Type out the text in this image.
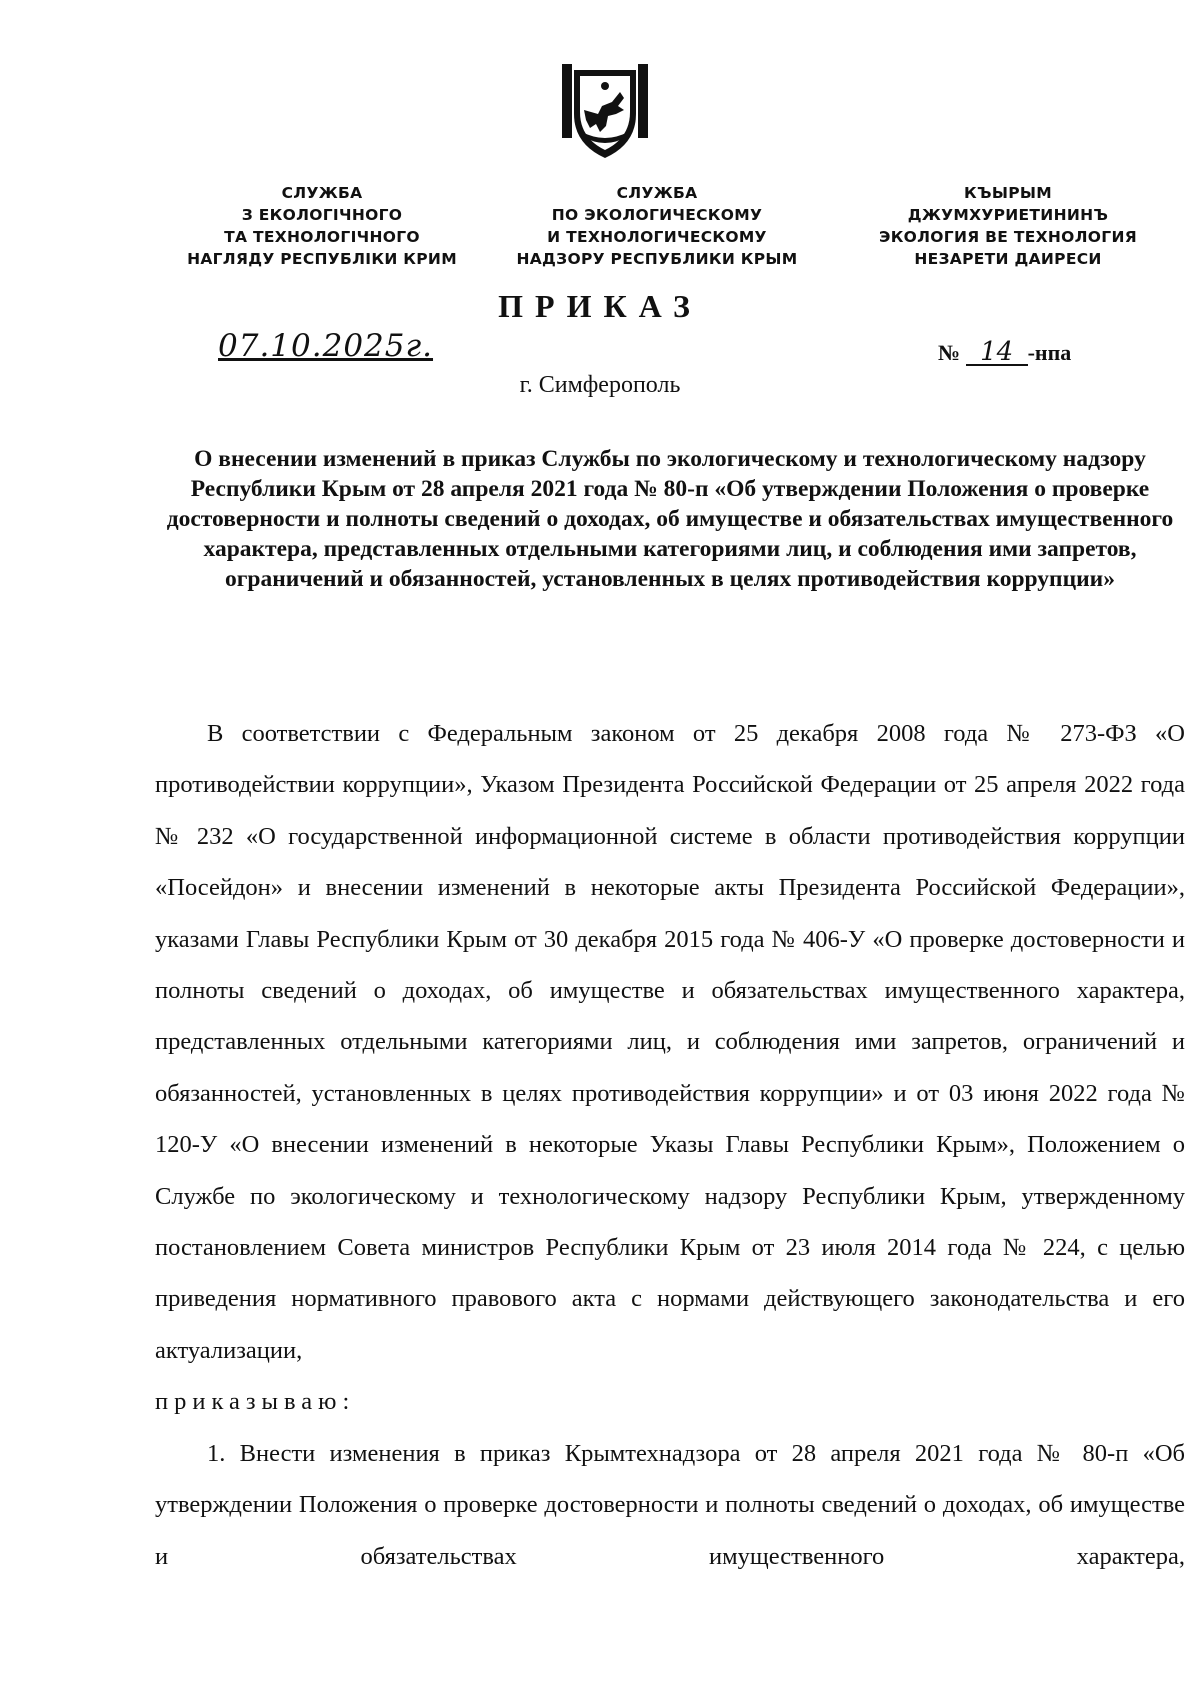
СЛУЖБА
З ЕКОЛОГІЧНОГО
ТА ТЕХНОЛОГІЧНОГО
НАГЛЯДУ РЕСПУБЛІКИ КРИМ
СЛУЖБА
ПО ЭКОЛОГИЧЕСКОМУ
И ТЕХНОЛОГИЧЕСКОМУ
НАДЗОРУ РЕСПУБЛИКИ КРЫМ
КЪЫРЫМ
ДЖУМХУРИЕТИНИНЪ
ЭКОЛОГИЯ ВЕ ТЕХНОЛОГИЯ
НЕЗАРЕТИ ДАИРЕСИ
ПРИКАЗ
07.10.2025г.	№ 14 -нпа
г. Симферополь
О внесении изменений в приказ Службы по экологическому и технологическому надзору Республики Крым от 28 апреля 2021 года № 80-п «Об утверждении Положения о проверке достоверности и полноты сведений о доходах, об имуществе и обязательствах имущественного характера, представленных отдельными категориями лиц, и соблюдения ими запретов, ограничений и обязанностей, установленных в целях противодействия коррупции»

В соответствии с Федеральным законом от 25 декабря 2008 года № 273-ФЗ «О противодействии коррупции», Указом Президента Российской Федерации от 25 апреля 2022 года № 232 «О государственной информационной системе в области противодействия коррупции «Посейдон» и внесении изменений в некоторые акты Президента Российской Федерации», указами Главы Республики Крым от 30 декабря 2015 года № 406-У «О проверке достоверности и полноты сведений о доходах, об имуществе и обязательствах имущественного характера, представленных отдельными категориями лиц, и соблюдения ими запретов, ограничений и обязанностей, установленных в целях противодействия коррупции» и от 03 июня 2022 года № 120-У «О внесении изменений в некоторые Указы Главы Республики Крым», Положением о Службе по экологическому и технологическому надзору Республики Крым, утвержденному постановлением Совета министров Республики Крым от 23 июля 2014 года № 224, с целью приведения нормативного правового акта с нормами действующего законодательства и его актуализации,

приказываю:

1. Внести изменения в приказ Крымтехнадзора от 28 апреля 2021 года № 80-п «Об утверждении Положения о проверке достоверности и полноты сведений о доходах, об имуществе и обязательствах имущественного характера,
